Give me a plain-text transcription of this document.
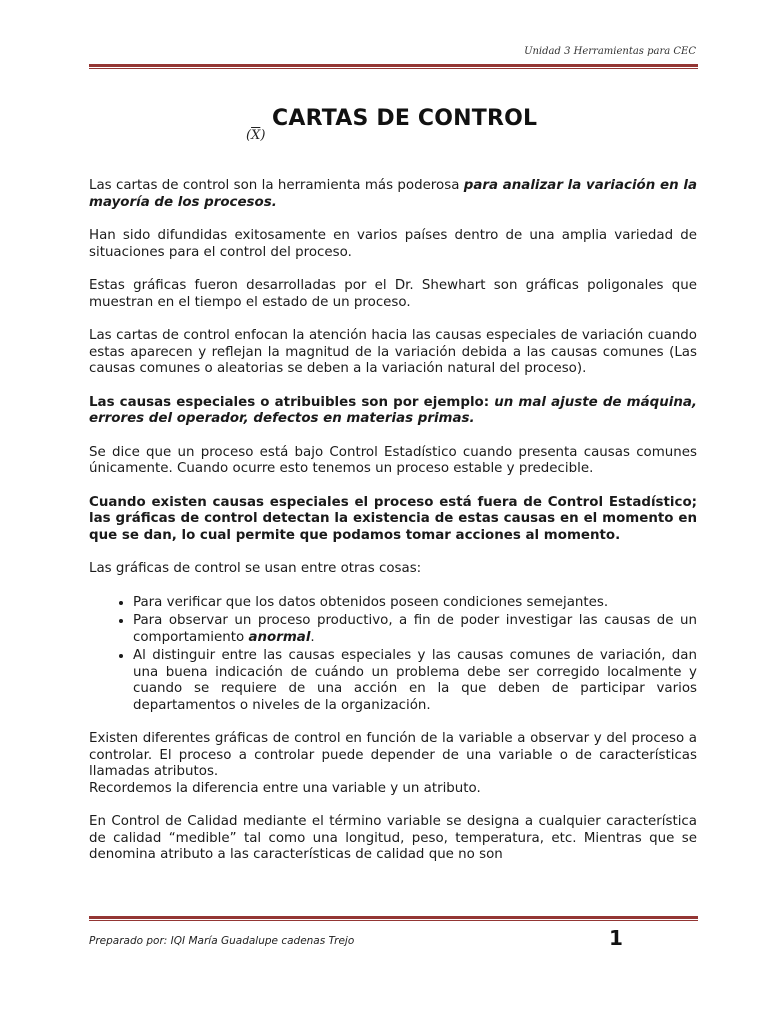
Unidad 3 Herramientas para CEC
$(\overline{X})$
CARTAS DE CONTROL

Las cartas de control son la herramienta más poderosa para analizar la variación en la mayoría de los procesos.

Han sido difundidas exitosamente en varios países dentro de una amplia variedad de situaciones para el control del proceso.

Estas gráficas fueron desarrolladas por el Dr. Shewhart son gráficas poligonales que muestran en el tiempo el estado de un proceso.

Las cartas de control enfocan la atención hacia las causas especiales de variación cuando estas aparecen y reflejan la magnitud de la variación debida a las causas comunes (Las causas comunes o aleatorias se deben a la variación natural del proceso).

Las causas especiales o atribuibles son por ejemplo: un mal ajuste de máquina, errores del operador, defectos en materias primas.

Se dice que un proceso está bajo Control Estadístico cuando presenta causas comunes únicamente. Cuando ocurre esto tenemos un proceso estable y predecible.

Cuando existen causas especiales el proceso está fuera de Control Estadístico; las gráficas de control detectan la existencia de estas causas en el momento en que se dan, lo cual permite que podamos tomar acciones al momento.

Las gráficas de control se usan entre otras cosas:

• Para verificar que los datos obtenidos poseen condiciones semejantes.
• Para observar un proceso productivo, a fin de poder investigar las causas de un comportamiento anormal.
• Al distinguir entre las causas especiales y las causas comunes de variación, dan una buena indicación de cuándo un problema debe ser corregido localmente y cuando se requiere de una acción en la que deben de participar varios departamentos o niveles de la organización.

Existen diferentes gráficas de control en función de la variable a observar y del proceso a controlar. El proceso a controlar puede depender de una variable o de características llamadas atributos.

Recordemos la diferencia entre una variable y un atributo.

En Control de Calidad mediante el término variable se designa a cualquier característica de calidad “medible” tal como una longitud, peso, temperatura, etc. Mientras que se denomina atributo a las características de calidad que no son

Preparado por: IQI María Guadalupe cadenas Trejo	1
